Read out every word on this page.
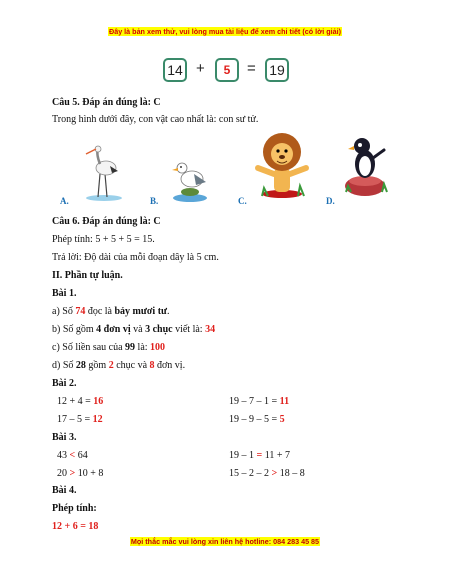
Đây là bản xem thử, vui lòng mua tài liệu để xem chi tiết (có lời giải)
14 +	5	= 19
Câu 5. Đáp án đúng là: C
Trong hình dưới đây, con vật cao nhất là: con sư tử.
A.	B.	C.	D.
Câu 6. Đáp án đúng là: C
Phép tính: 5 + 5 + 5 = 15.
Trả lời: Độ dài của mỗi đoạn dây là 5 cm.
II. Phần tự luận.
Bài 1.
a) Số 74 đọc là bảy mươi tư.
b) Số gồm 4 đơn vị và 3 chục viết là: 34
c) Số liền sau của 99 là: 100
d) Số 28 gồm 2 chục và 8 đơn vị.
Bài 2.
12 + 4 = 16	19 – 7 – 1 = 11
17 – 5 = 12	19 – 9 – 5 = 5
Bài 3.
43 < 64	19 – 1 = 11 + 7
20 > 10 + 8	15 – 2 – 2 > 18 – 8
Bài 4.
Phép tính:
12 + 6 = 18
Mọi thắc mắc vui lòng xin liên hệ hotline: 084 283 45 85
